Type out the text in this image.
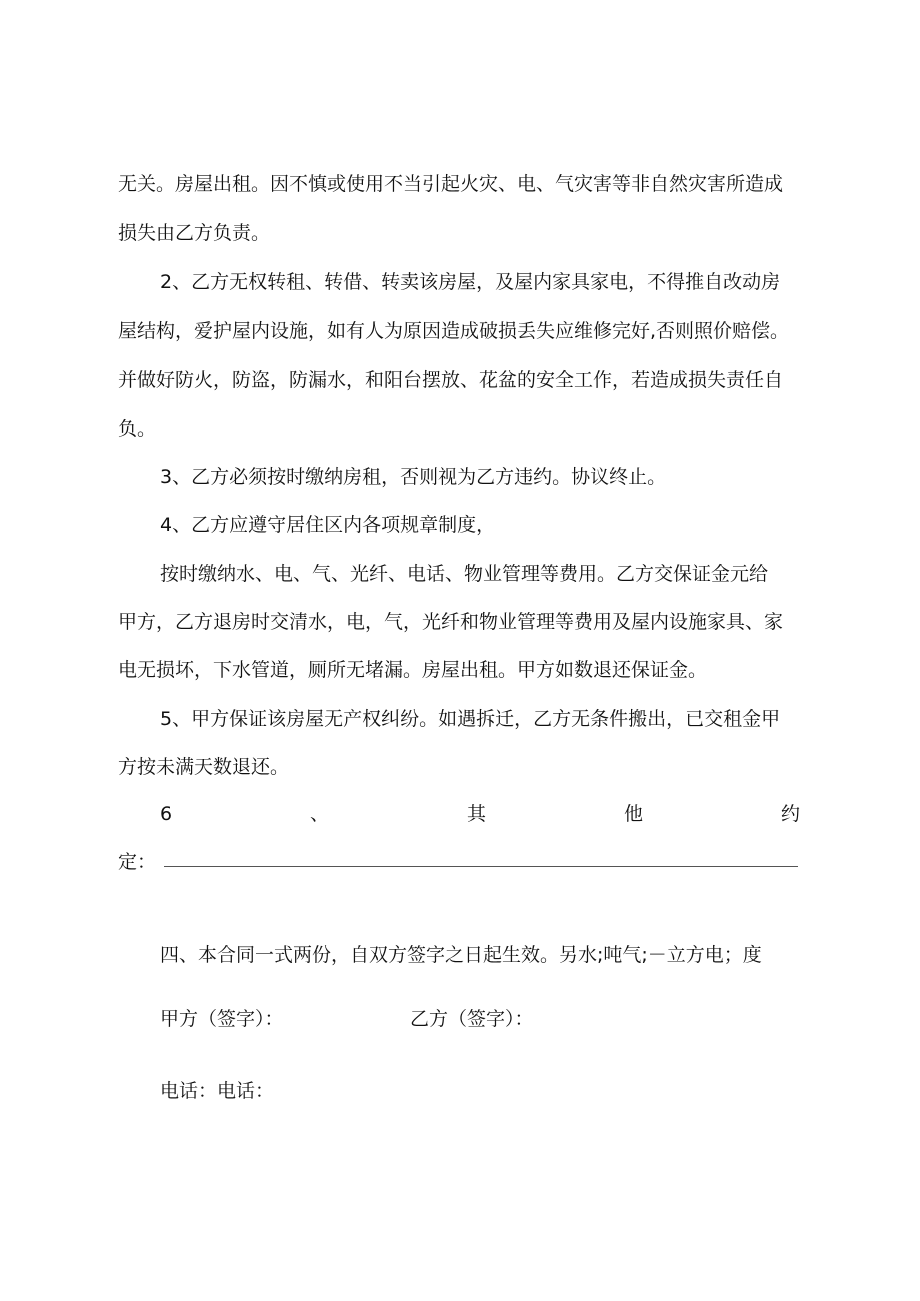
无关。房屋出租。因不慎或使用不当引起火灾、电、气灾害等非自然灾害所造成
损失由乙方负责。
2、乙方无权转租、转借、转卖该房屋，及屋内家具家电，不得推自改动房
屋结构，爱护屋内设施，如有人为原因造成破损丢失应维修完好,否则照价赔偿。
并做好防火，防盗，防漏水，和阳台摆放、花盆的安全工作，若造成损失责任自
负。
3、乙方必须按时缴纳房租，否则视为乙方违约。协议终止。
4、乙方应遵守居住区内各项规章制度，
按时缴纳水、电、气、光纤、电话、物业管理等费用。乙方交保证金元给
甲方，乙方退房时交清水，电，气，光纤和物业管理等费用及屋内设施家具、家
电无损坏，下水管道，厕所无堵漏。房屋出租。甲方如数退还保证金。
5、甲方保证该房屋无产权纠纷。如遇拆迁，乙方无条件搬出，已交租金甲
方按未满天数退还。
6	、	其	他	约
定：
四、本合同一式两份，自双方签字之日起生效。另水;吨气;－立方电；度
甲方（签字）：	乙方（签字）：
电话：电话：
